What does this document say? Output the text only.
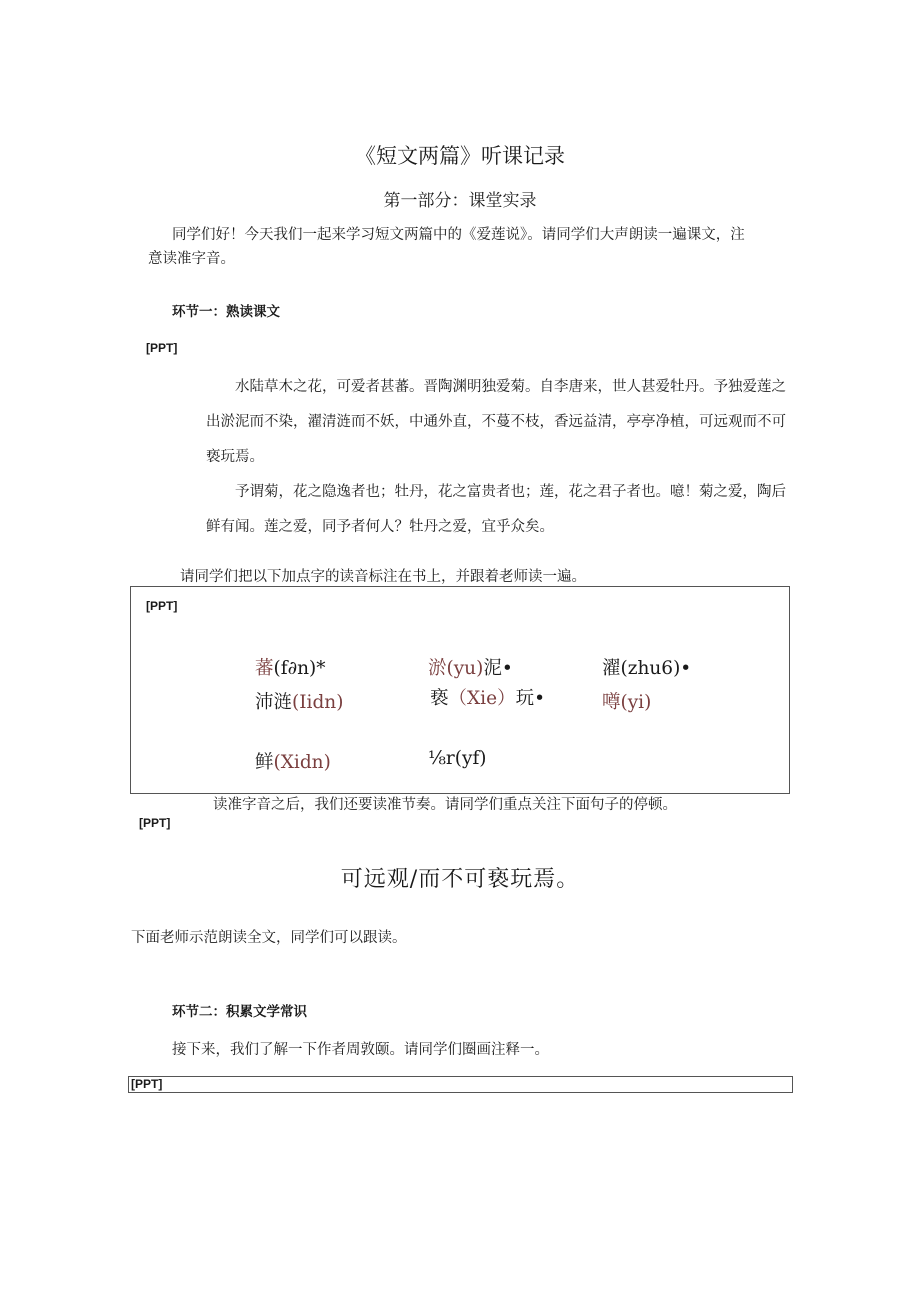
《短文两篇》听课记录
第一部分：课堂实录
同学们好！今天我们一起来学习短文两篇中的《爱莲说》。请同学们大声朗读一遍课文，注
意读准字音。
环节一：熟读课文
[PPT]
水陆草木之花，可爱者甚蕃。晋陶渊明独爱菊。自李唐来，世人甚爱牡丹。予独爱莲之出淤泥而不染，濯清涟而不妖，中通外直，不蔓不枝，香远益清，亭亭净植，可远观而不可亵玩焉。
予谓菊，花之隐逸者也；牡丹，花之富贵者也；莲，花之君子者也。噫！菊之爱，陶后鲜有闻。莲之爱，同予者何人？牡丹之爱，宜乎众矣。
请同学们把以下加点字的读音标注在书上，并跟着老师读一遍。
[PPT]
蕃(f∂n)*	淤(yu)泥•	濯(zhu6)•
沛涟(Iidn)	亵（Xie）玩•	噂(yi)
鲜(Xidn)	⅛r(yf)
读准字音之后，我们还要读准节奏。请同学们重点关注下面句子的停顿。
[PPT]
可远观/而不可亵玩焉。
下面老师示范朗读全文，同学们可以跟读。
环节二：积累文学常识
接下来，我们了解一下作者周敦颐。请同学们圈画注释一。
[PPT]
